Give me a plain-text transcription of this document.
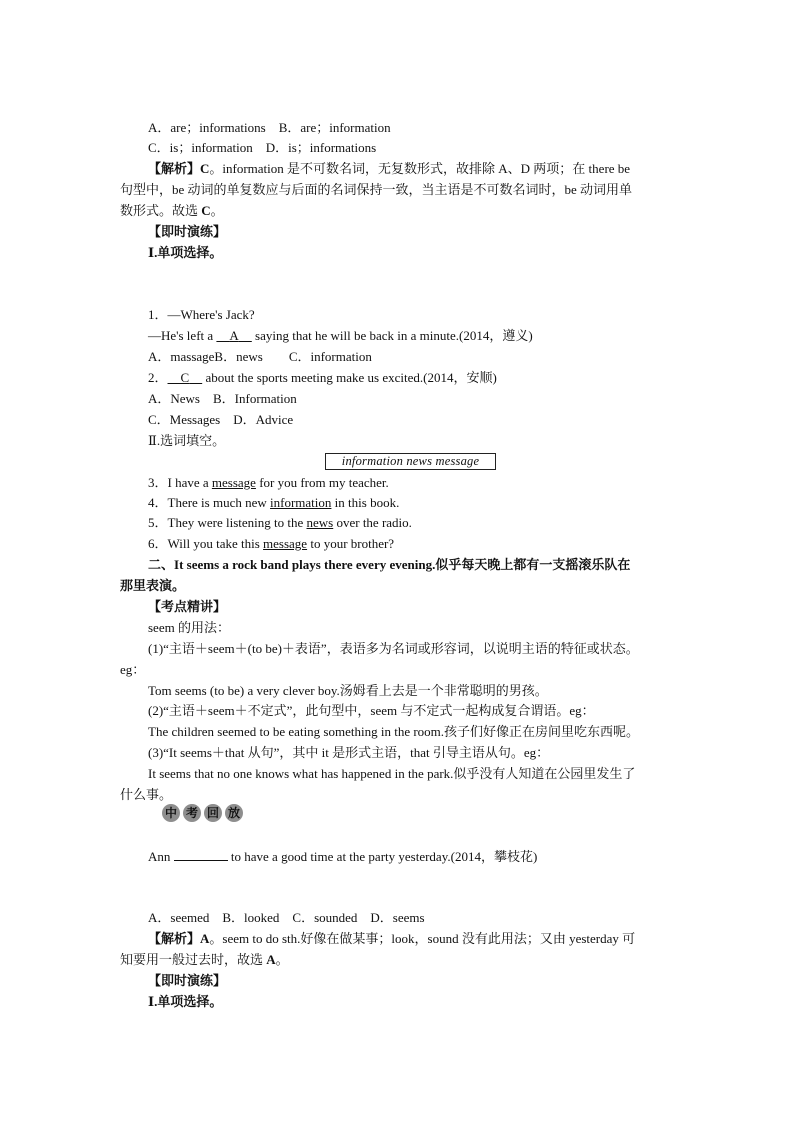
A．are；informations　B．are；information
C．is；information　D．is；informations
【解析】C。information 是不可数名词，无复数形式，故排除 A、D 两项；在 there be
句型中，be 动词的单复数应与后面的名词保持一致，当主语是不可数名词时，be 动词用单
数形式。故选 C。
【即时演练】
Ⅰ.单项选择。
1．—Where's Jack?
—He's left a   A   saying that he will be back in a minute.(2014，遵义)
A．massageB．news　　C．information
2．   C   about the sports meeting make us excited.(2014，安顺)
A．News　B．Information
C．Messages　D．Advice
Ⅱ.选词填空。
information news message
3．I have a message for you from my teacher.
4．There is much new information in this book.
5．They were listening to the news over the radio.
6．Will you take this message to your brother?
二、It seems a rock band plays there every evening.似乎每天晚上都有一支摇滚乐队在
那里表演。
【考点精讲】
seem 的用法：
(1)“主语＋seem＋(to be)＋表语”，表语多为名词或形容词，以说明主语的特征或状态。
eg：
Tom seems (to be) a very clever boy.汤姆看上去是一个非常聪明的男孩。
(2)“主语＋seem＋不定式”，此句型中，seem 与不定式一起构成复合谓语。eg：
The children seemed to be eating something in the room.孩子们好像正在房间里吃东西呢。
(3)“It seems＋that 从句”，其中 it 是形式主语，that 引导主语从句。eg：
It seems that no one knows what has happened in the park.似乎没有人知道在公园里发生了
什么事。
中 考 回 放
Ann	to have a good time at the party yesterday.(2014，攀枝花)
A．seemed　B．looked　C．sounded　D．seems
【解析】A。seem to do sth.好像在做某事；look，sound 没有此用法；又由 yesterday 可
知要用一般过去时，故选 A。
【即时演练】
Ⅰ.单项选择。
